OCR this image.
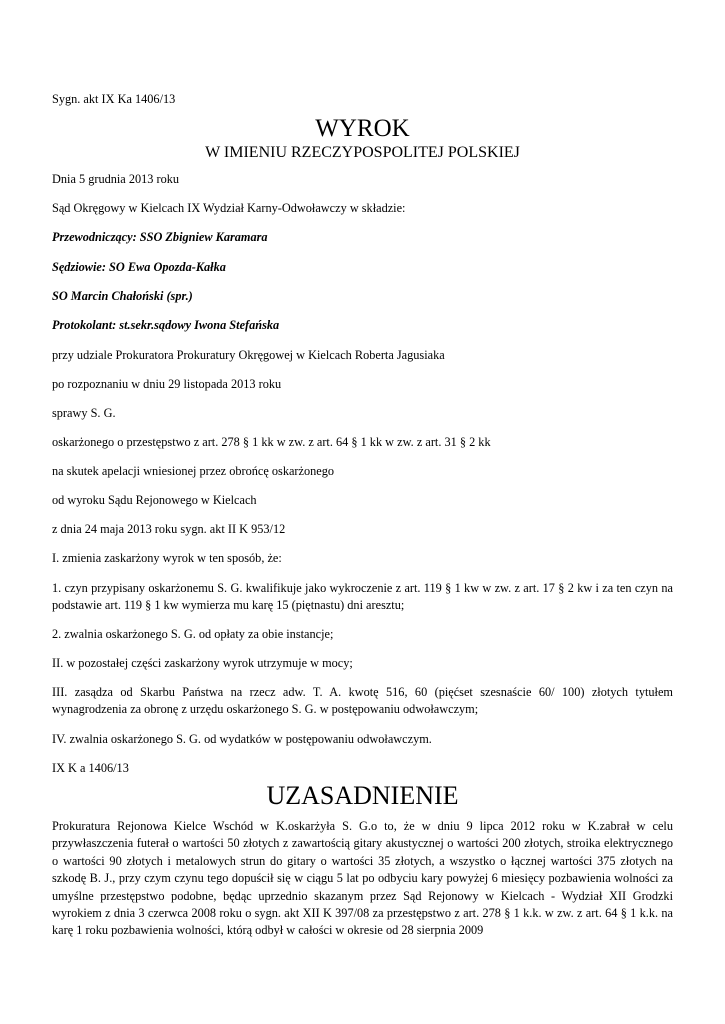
Sygn. akt IX Ka 1406/13

WYROK

W IMIENIU RZECZYPOSPOLITEJ POLSKIEJ

Dnia 5 grudnia 2013 roku

Sąd Okręgowy w Kielcach IX Wydział Karny-Odwoławczy w składzie:

Przewodniczący: SSO Zbigniew Karamara

Sędziowie: SO Ewa Opozda-Kałka

SO Marcin Chałoński (spr.)

Protokolant: st.sekr.sądowy Iwona Stefańska

przy udziale Prokuratora Prokuratury Okręgowej w Kielcach Roberta Jagusiaka

po rozpoznaniu w dniu 29 listopada 2013 roku

sprawy S. G.

oskarżonego o przestępstwo z art. 278 § 1 kk w zw. z art. 64 § 1 kk w zw. z art. 31 § 2 kk

na skutek apelacji wniesionej przez obrońcę oskarżonego

od wyroku Sądu Rejonowego w Kielcach

z dnia 24 maja 2013 roku sygn. akt II K 953/12

I. zmienia zaskarżony wyrok w ten sposób, że:

1. czyn przypisany oskarżonemu S. G. kwalifikuje jako wykroczenie z art. 119 § 1 kw w zw. z art. 17 § 2 kw i za ten czyn na podstawie art. 119 § 1 kw wymierza mu karę 15 (piętnastu) dni aresztu;

2. zwalnia oskarżonego S. G. od opłaty za obie instancje;

II. w pozostałej części zaskarżony wyrok utrzymuje w mocy;

III. zasądza od Skarbu Państwa na rzecz adw. T. A. kwotę 516, 60 (pięćset szesnaście 60/ 100) złotych tytułem wynagrodzenia za obronę z urzędu oskarżonego S. G. w postępowaniu odwoławczym;

IV. zwalnia oskarżonego S. G. od wydatków w postępowaniu odwoławczym.

IX K a 1406/13

UZASADNIENIE

Prokuratura Rejonowa Kielce Wschód w K.oskarżyła S. G.o to, że w dniu 9 lipca 2012 roku w K.zabrał w celu przywłaszczenia futerał o wartości 50 złotych z zawartością gitary akustycznej o wartości 200 złotych, stroika elektrycznego o wartości 90 złotych i metalowych strun do gitary o wartości 35 złotych, a wszystko o łącznej wartości 375 złotych na szkodę B. J., przy czym czynu tego dopuścił się w ciągu 5 lat po odbyciu kary powyżej 6 miesięcy pozbawienia wolności za umyślne przestępstwo podobne, będąc uprzednio skazanym przez Sąd Rejonowy w Kielcach - Wydział XII Grodzki wyrokiem z dnia 3 czerwca 2008 roku o sygn. akt XII K 397/08 za przestępstwo z art. 278 § 1 k.k. w zw. z art. 64 § 1 k.k. na karę 1 roku pozbawienia wolności, którą odbył w całości w okresie od 28 sierpnia 2009
